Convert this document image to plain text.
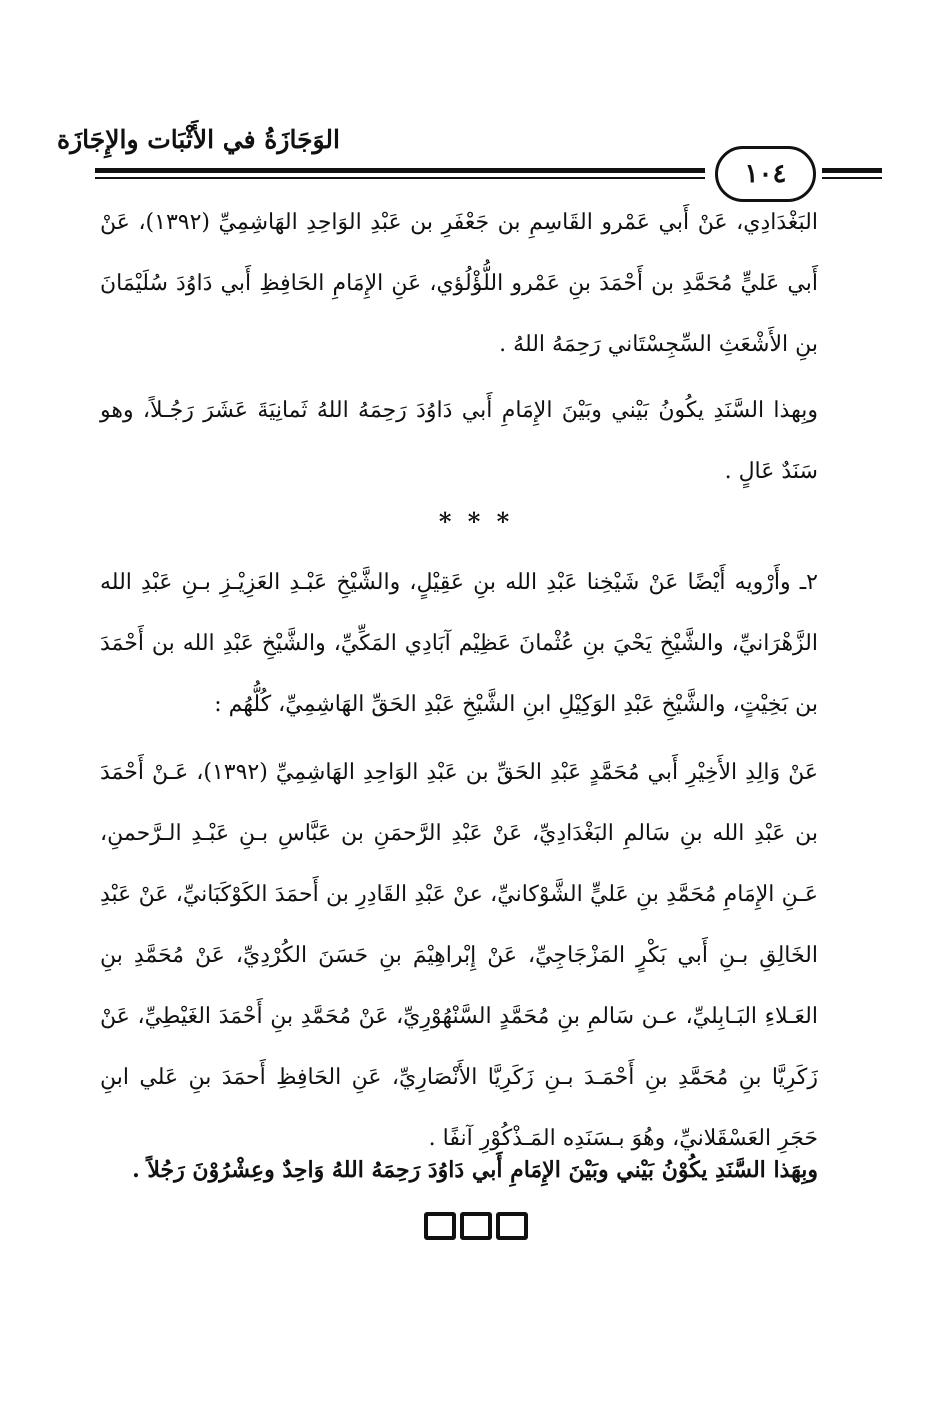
الوَجَازَةُ في الأَثْبَات والإِجَازَة
١٠٤
البَغْدَادِي، عَنْ أَبي عَمْرو القَاسِمِ بن جَعْفَرِ بن عَبْدِ الوَاحِدِ الهَاشِمِيِّ (١٣٩٢)، عَنْ أَبي عَليٍّ مُحَمَّدِ بن أَحْمَدَ بنِ عَمْرو اللُّؤْلُؤي، عَنِ الإِمَامِ الحَافِظِ أَبي دَاوُدَ سُلَيْمَانَ بنِ الأَشْعَثِ السِّجِسْتَاني رَحِمَهُ اللهُ .
وبِهذا السَّنَدِ يكُونُ بَيْني وبَيْنَ الإِمَامِ أَبي دَاوُدَ رَحِمَهُ اللهُ ثَمانِيَةَ عَشَرَ رَجُـلاً، وهو سَنَدٌ عَالٍ .
* * *
٢ـ وأَرْويه أَيْضًا عَنْ شَيْخِنا عَبْدِ الله بنِ عَقِيْلٍ، والشَّيْخِ عَبْـدِ العَزِيْـزِ بـنِ عَبْدِ الله الزَّهْرَانيِّ، والشَّيْخِ يَحْيَ بنِ عُثْمانَ عَظِيْم آبَادِي المَكِّيِّ، والشَّيْخِ عَبْدِ الله بن أَحْمَدَ بن بَخِيْتٍ، والشَّيْخِ عَبْدِ الوَكِيْلِ ابنِ الشَّيْخِ عَبْدِ الحَقِّ الهَاشِمِيِّ، كُلُّهُم :
عَنْ وَالِدِ الأَخِيْرِ أَبي مُحَمَّدٍ عَبْدِ الحَقِّ بن عَبْدِ الوَاحِدِ الهَاشِمِيِّ (١٣٩٢)، عَـنْ أَحْمَدَ بن عَبْدِ الله بنِ سَالمِ البَغْدَادِيِّ، عَنْ عَبْدِ الرَّحمَنِ بن عَبَّاسِ بـنِ عَبْـدِ الـرَّحمنِ، عَـنِ الإِمَامِ مُحَمَّدِ بنِ عَليٍّ الشَّوْكانيِّ، عنْ عَبْدِ القَادِرِ بن أَحمَدَ الكَوْكَبَانيِّ، عَنْ عَبْدِ الخَالِقِ بـنِ أَبي بَكْرٍ المَزْجَاجِيِّ، عَنْ إِبْراهِيْمَ بنِ حَسَنَ الكُرْدِيِّ، عَنْ مُحَمَّدِ بنِ العَـلاءِ البَـابِليِّ، عـن سَالمِ بنِ مُحَمَّدٍ السَّنْهُوْرِيِّ، عَنْ مُحَمَّدِ بنِ أَحْمَدَ الغَيْطِيِّ، عَنْ زَكَرِيَّا بنِ مُحَمَّدِ بنِ أَحْمَـدَ بـنِ زَكَرِيَّا الأَنْصَارِيِّ، عَنِ الحَافِظِ أَحمَدَ بنِ عَلي ابنِ حَجَرِ العَسْقَلانيِّ، وهُوَ بـسَنَدِه المَـذْكُوْرِ آنفًا .
وبِهَذا السَّنَدِ يكُوْنُ بَيْني وبَيْنَ الإِمَامِ أَبي دَاوُدَ رَحِمَهُ اللهُ وَاحِدٌ وعِشْرُوْنَ رَجُلاً .
